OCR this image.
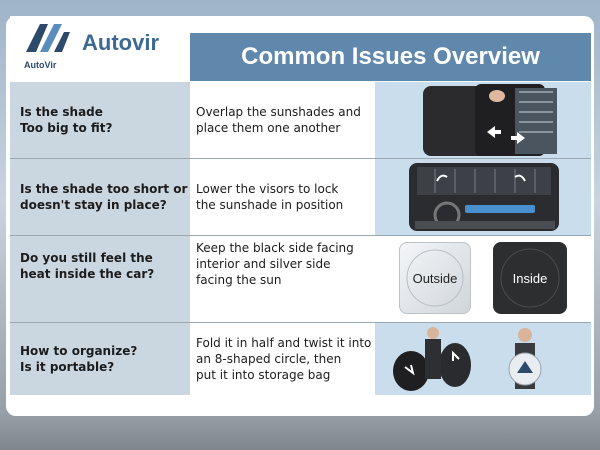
AutoVir
Autovir
Common Issues Overview
Is the shade
Too big to fit?
Overlap the sunshades and
place them one another
Is the shade too short or
doesn't stay in place?
Lower the visors to lock
the sunshade in position
Do you still feel the
heat inside the car?
Keep the black side facing
interior and silver side
facing the sun	Outside	Inside
How to organize?
Is it portable?
Fold it in half and twist it into
an 8-shaped circle, then
put it into storage bag
